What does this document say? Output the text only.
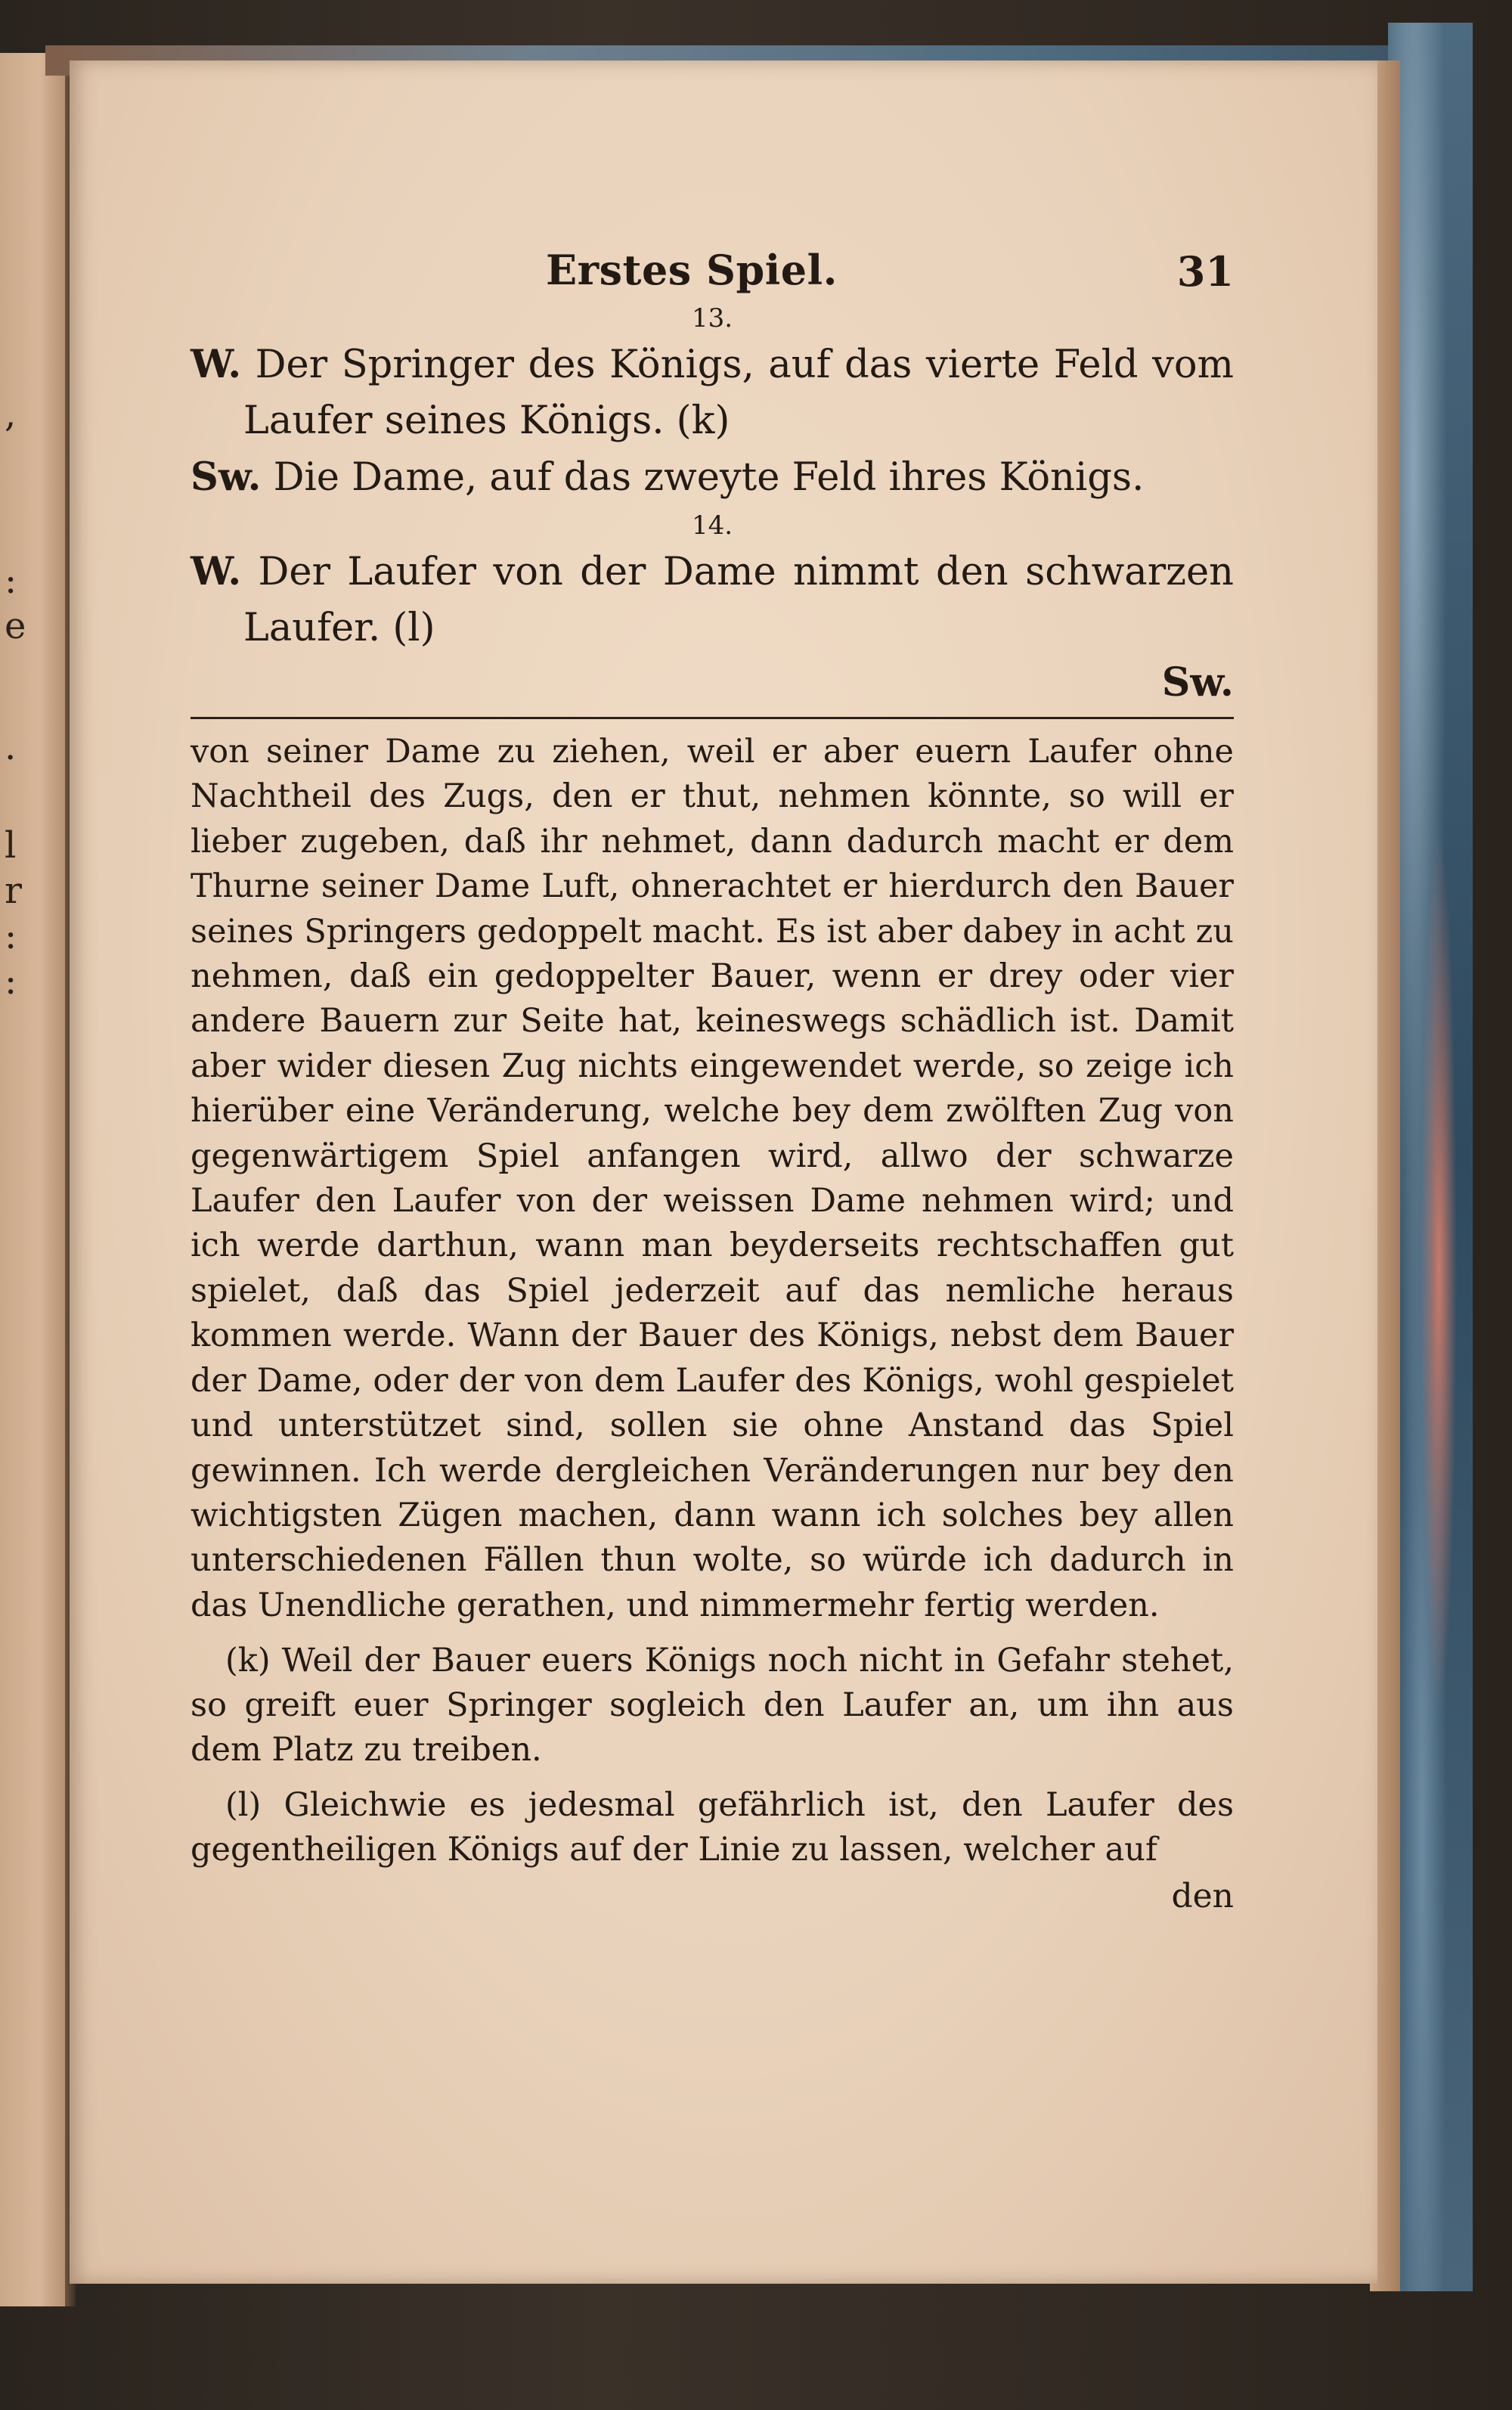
,
:
e
.
l
r
:
:
Erstes Spiel.	31
13.
W. Der Springer des Königs, auf das vierte Feld vom Laufer seines Königs. (k)
Sw. Die Dame, auf das zweyte Feld ihres Königs.
14.
W. Der Laufer von der Dame nimmt den schwarzen Laufer. (l)
Sw.

von seiner Dame zu ziehen, weil er aber euern Laufer ohne Nachtheil des Zugs, den er thut, nehmen könnte, so will er lieber zugeben, daß ihr nehmet, dann dadurch macht er dem Thurne seiner Dame Luft, ohnerachtet er hierdurch den Bauer seines Springers gedoppelt macht. Es ist aber dabey in acht zu nehmen, daß ein gedoppelter Bauer, wenn er drey oder vier andere Bauern zur Seite hat, keineswegs schädlich ist. Damit aber wider diesen Zug nichts eingewendet werde, so zeige ich hierüber eine Veränderung, welche bey dem zwölften Zug von gegenwärtigem Spiel anfangen wird, allwo der schwarze Laufer den Laufer von der weissen Dame nehmen wird; und ich werde darthun, wann man beyderseits rechtschaffen gut spielet, daß das Spiel jederzeit auf das nemliche heraus kommen werde. Wann der Bauer des Königs, nebst dem Bauer der Dame, oder der von dem Laufer des Königs, wohl gespielet und unterstützet sind, sollen sie ohne Anstand das Spiel gewinnen. Ich werde dergleichen Veränderungen nur bey den wichtigsten Zügen machen, dann wann ich solches bey allen unterschiedenen Fällen thun wolte, so würde ich dadurch in das Unendliche gerathen, und nimmermehr fertig werden.

(k) Weil der Bauer euers Königs noch nicht in Gefahr stehet, so greift euer Springer sogleich den Laufer an, um ihn aus dem Platz zu treiben.
(l) Gleichwie es jedesmal gefährlich ist, den Laufer des gegentheiligen Königs auf der Linie zu lassen, welcher auf
den
